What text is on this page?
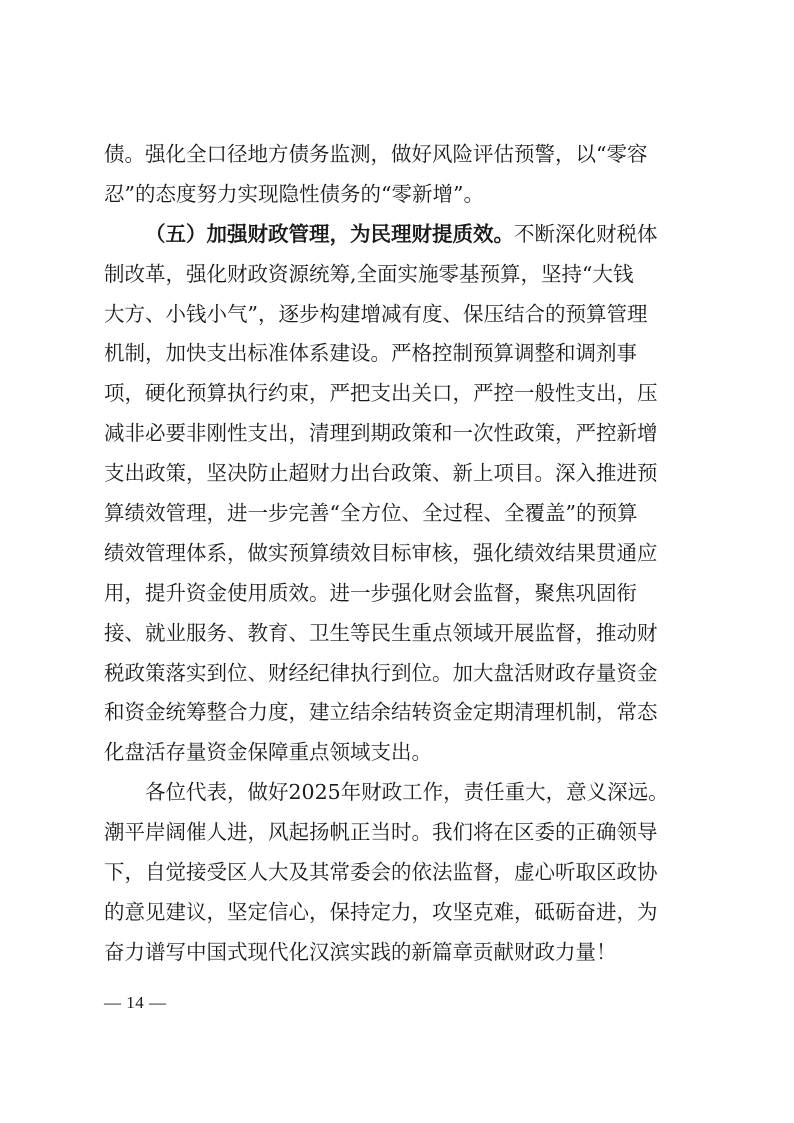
债。强化全口径地方债务监测，做好风险评估预警，以“零容
忍”的态度努力实现隐性债务的“零新增”。

（五）加强财政管理，为民理财提质效。不断深化财税体
制改革，强化财政资源统筹,全面实施零基预算，坚持“大钱
大方、小钱小气”，逐步构建增减有度、保压结合的预算管理
机制，加快支出标准体系建设。严格控制预算调整和调剂事
项，硬化预算执行约束，严把支出关口，严控一般性支出，压
减非必要非刚性支出，清理到期政策和一次性政策，严控新增
支出政策，坚决防止超财力出台政策、新上项目。深入推进预
算绩效管理，进一步完善“全方位、全过程、全覆盖”的预算
绩效管理体系，做实预算绩效目标审核，强化绩效结果贯通应
用，提升资金使用质效。进一步强化财会监督，聚焦巩固衔
接、就业服务、教育、卫生等民生重点领域开展监督，推动财
税政策落实到位、财经纪律执行到位。加大盘活财政存量资金
和资金统筹整合力度，建立结余结转资金定期清理机制，常态
化盘活存量资金保障重点领域支出。

各位代表，做好2025年财政工作，责任重大，意义深远。
潮平岸阔催人进，风起扬帆正当时。我们将在区委的正确领导
下，自觉接受区人大及其常委会的依法监督，虚心听取区政协
的意见建议，坚定信心，保持定力，攻坚克难，砥砺奋进，为
奋力谱写中国式现代化汉滨实践的新篇章贡献财政力量！

— 14 —
